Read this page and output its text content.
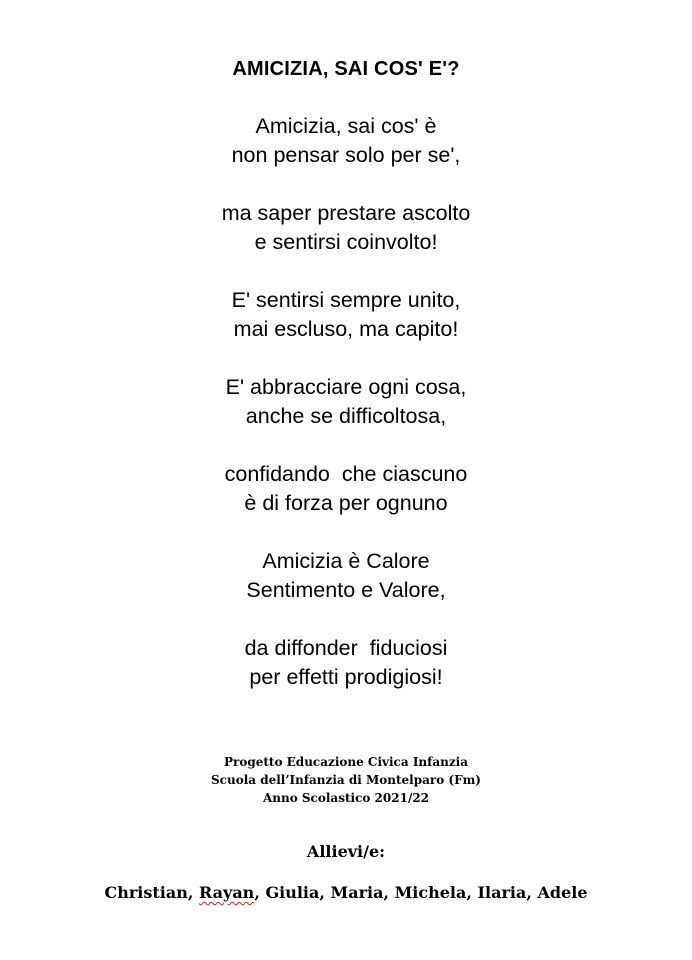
AMICIZIA, SAI COS' E'?
Amicizia, sai cos' è
non pensar solo per se',
ma saper prestare ascolto
e sentirsi coinvolto!
E' sentirsi sempre unito,
mai escluso, ma capito!
E' abbracciare ogni cosa,
anche se difficoltosa,
confidando  che ciascuno
è di forza per ognuno
Amicizia è Calore
Sentimento e Valore,
da diffonder  fiduciosi
per effetti prodigiosi!
Progetto Educazione Civica Infanzia
Scuola dell’Infanzia di Montelparo (Fm)
Anno Scolastico 2021/22
Allievi/e:
Christian, Rayan, Giulia, Maria, Michela, Ilaria, Adele
